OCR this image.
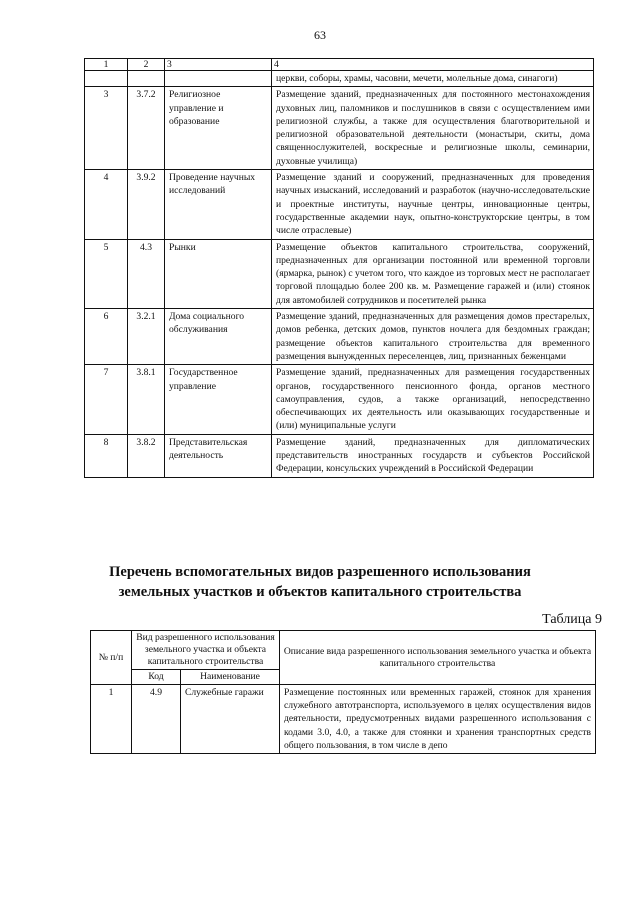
63
1	2	3	4
			церкви, соборы, храмы, часовни, мечети, молельные дома, синагоги)
3	3.7.2	Религиозное управление и образование	Размещение зданий, предназначенных для постоянного местонахождения духовных лиц, паломников и послушников в связи с осуществлением ими религиозной службы, а также для осуществления благотворительной и религиозной образовательной деятельности (монастыри, скиты, дома священнослужителей, воскресные и религиозные школы, семинарии, духовные училища)
4	3.9.2	Проведение научных исследований	Размещение зданий и сооружений, предназначенных для проведения научных изысканий, исследований и разработок (научно-исследовательские и проектные институты, научные центры, инновационные центры, государственные академии наук, опытно-конструкторские центры, в том числе отраслевые)
5	4.3	Рынки	Размещение объектов капитального строительства, сооружений, предназначенных для организации постоянной или временной торговли (ярмарка, рынок) с учетом того, что каждое из торговых мест не располагает торговой площадью более 200 кв. м. Размещение гаражей и (или) стоянок для автомобилей сотрудников и посетителей рынка
6	3.2.1	Дома социального обслуживания	Размещение зданий, предназначенных для размещения домов престарелых, домов ребенка, детских домов, пунктов ночлега для бездомных граждан; размещение объектов капитального строительства для временного размещения вынужденных переселенцев, лиц, признанных беженцами
7	3.8.1	Государственное управление	Размещение зданий, предназначенных для размещения государственных органов, государственного пенсионного фонда, органов местного самоуправления, судов, а также организаций, непосредственно обеспечивающих их деятельность или оказывающих государственные и (или) муниципальные услуги
8	3.8.2	Представительская деятельность	Размещение зданий, предназначенных для дипломатических представительств иностранных государств и субъектов Российской Федерации, консульских учреждений в Российской Федерации
Перечень вспомогательных видов разрешенного использования
земельных участков и объектов капитального строительства
Таблица 9
№ п/п	Вид разрешенного использования земельного участка и объекта капитального строительства		Описание вида разрешенного использования земельного участка и объекта капитального строительства
	Код	Наименование	
1	4.9	Служебные гаражи	Размещение постоянных или временных гаражей, стоянок для хранения служебного автотранспорта, используемого в целях осуществления видов деятельности, предусмотренных видами разрешенного использования с кодами 3.0, 4.0, а также для стоянки и хранения транспортных средств общего пользования, в том числе в депо
